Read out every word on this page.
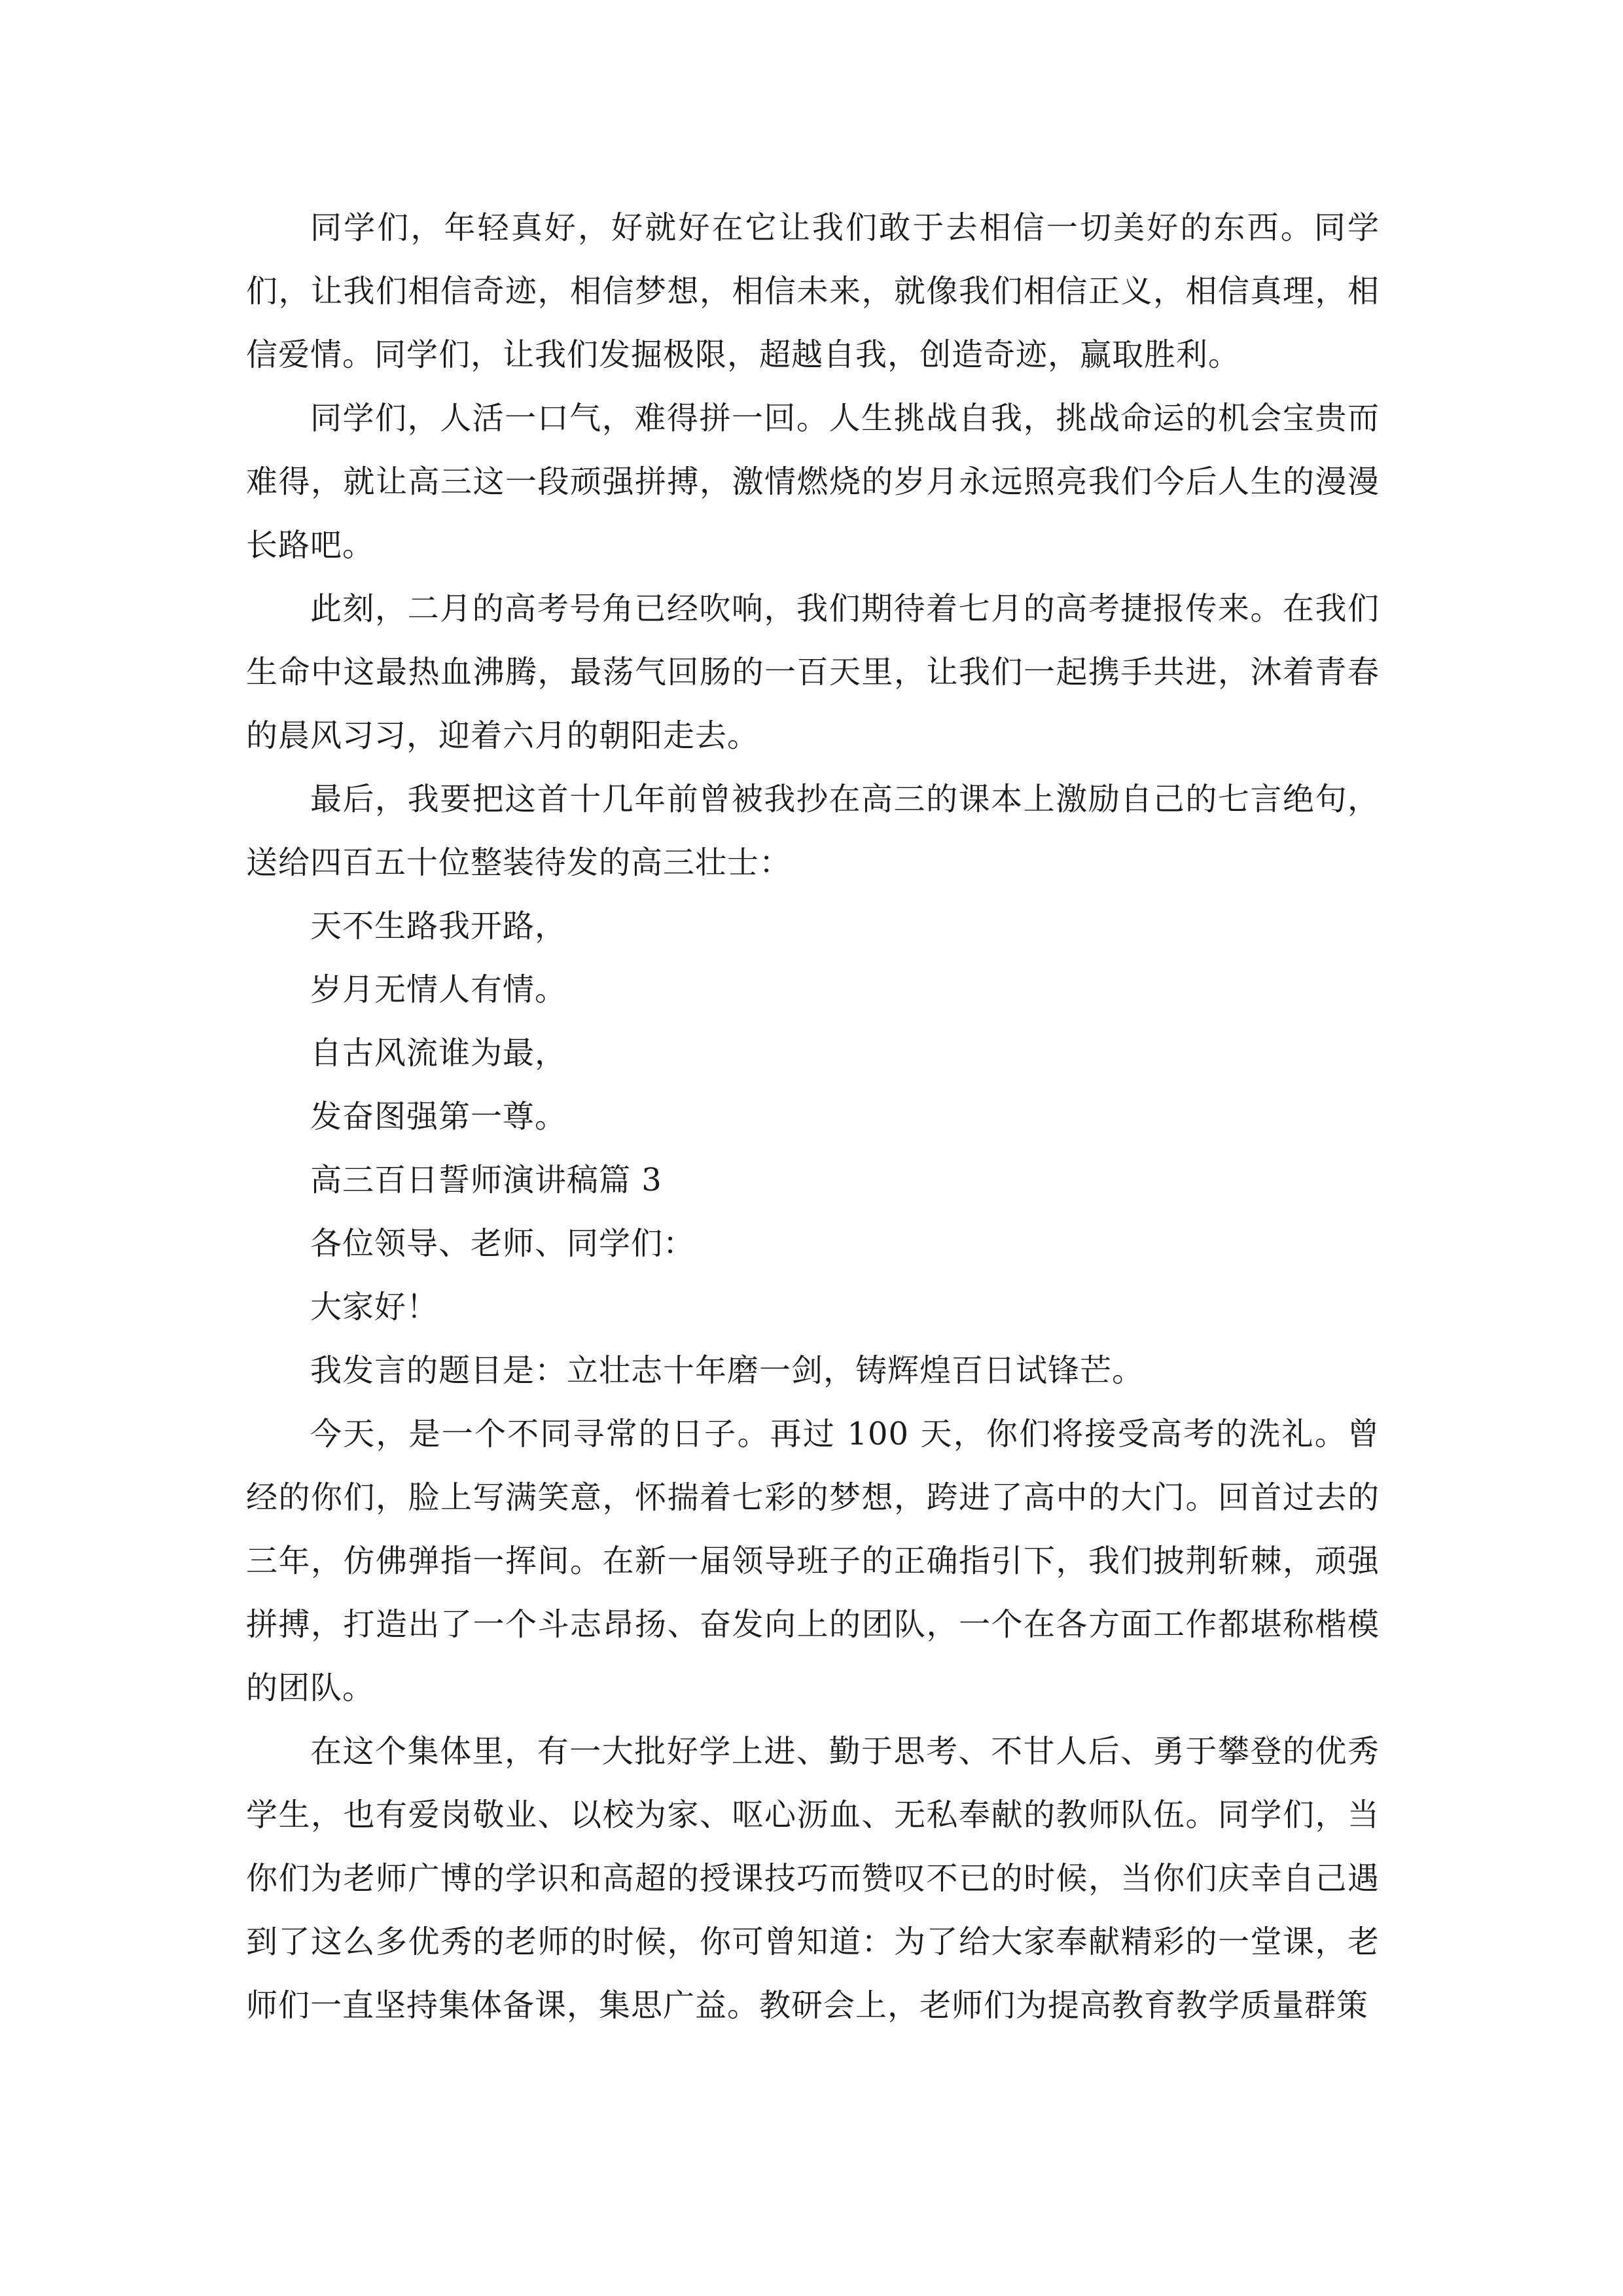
同学们，年轻真好，好就好在它让我们敢于去相信一切美好的东西。同学们，让我们相信奇迹，相信梦想，相信未来，就像我们相信正义，相信真理，相信爱情。同学们，让我们发掘极限，超越自我，创造奇迹，赢取胜利。

同学们，人活一口气，难得拼一回。人生挑战自我，挑战命运的机会宝贵而难得，就让高三这一段顽强拼搏，激情燃烧的岁月永远照亮我们今后人生的漫漫长路吧。

此刻，二月的高考号角已经吹响，我们期待着七月的高考捷报传来。在我们生命中这最热血沸腾，最荡气回肠的一百天里，让我们一起携手共进，沐着青春的晨风习习，迎着六月的朝阳走去。

最后，我要把这首十几年前曾被我抄在高三的课本上激励自己的七言绝句，送给四百五十位整装待发的高三壮士：

天不生路我开路，

岁月无情人有情。

自古风流谁为最，

发奋图强第一尊。

高三百日誓师演讲稿篇 3

各位领导、老师、同学们：

大家好！

我发言的题目是：立壮志十年磨一剑，铸辉煌百日试锋芒。

今天，是一个不同寻常的日子。再过 100 天，你们将接受高考的洗礼。曾经的你们，脸上写满笑意，怀揣着七彩的梦想，跨进了高中的大门。回首过去的三年，仿佛弹指一挥间。在新一届领导班子的正确指引下，我们披荆斩棘，顽强拼搏，打造出了一个斗志昂扬、奋发向上的团队，一个在各方面工作都堪称楷模的团队。

在这个集体里，有一大批好学上进、勤于思考、不甘人后、勇于攀登的优秀学生，也有爱岗敬业、以校为家、呕心沥血、无私奉献的教师队伍。同学们，当你们为老师广博的学识和高超的授课技巧而赞叹不已的时候，当你们庆幸自己遇到了这么多优秀的老师的时候，你可曾知道：为了给大家奉献精彩的一堂课，老师们一直坚持集体备课，集思广益。教研会上，老师们为提高教育教学质量群策
